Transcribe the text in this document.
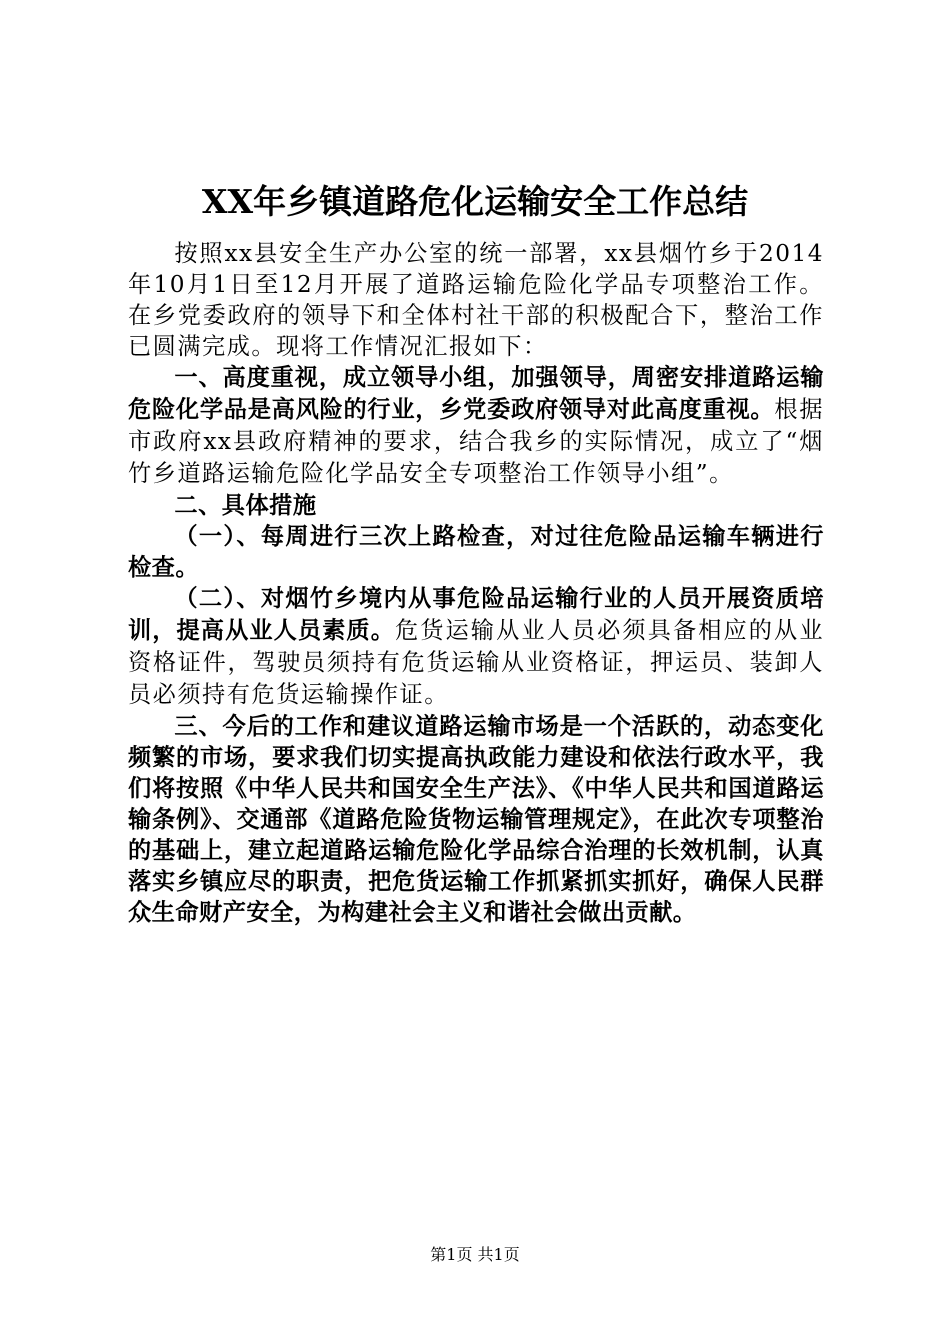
XX年乡镇道路危化运输安全工作总结

按照xx县安全生产办公室的统一部署，xx县烟竹乡于2014年10月1日至12月开展了道路运输危险化学品专项整治工作。在乡党委政府的领导下和全体村社干部的积极配合下，整治工作已圆满完成。现将工作情况汇报如下：

一、高度重视，成立领导小组，加强领导，周密安排道路运输危险化学品是高风险的行业，乡党委政府领导对此高度重视。根据市政府xx县政府精神的要求，结合我乡的实际情况，成立了“烟竹乡道路运输危险化学品安全专项整治工作领导小组”。

二、具体措施

（一）、每周进行三次上路检查，对过往危险品运输车辆进行检查。

（二）、对烟竹乡境内从事危险品运输行业的人员开展资质培训，提高从业人员素质。危货运输从业人员必须具备相应的从业资格证件，驾驶员须持有危货运输从业资格证，押运员、装卸人员必须持有危货运输操作证。

三、今后的工作和建议道路运输市场是一个活跃的，动态变化频繁的市场，要求我们切实提高执政能力建设和依法行政水平，我们将按照《中华人民共和国安全生产法》、《中华人民共和国道路运输条例》、交通部《道路危险货物运输管理规定》，在此次专项整治的基础上，建立起道路运输危险化学品综合治理的长效机制，认真落实乡镇应尽的职责，把危货运输工作抓紧抓实抓好，确保人民群众生命财产安全，为构建社会主义和谐社会做出贡献。

第1页 共1页
